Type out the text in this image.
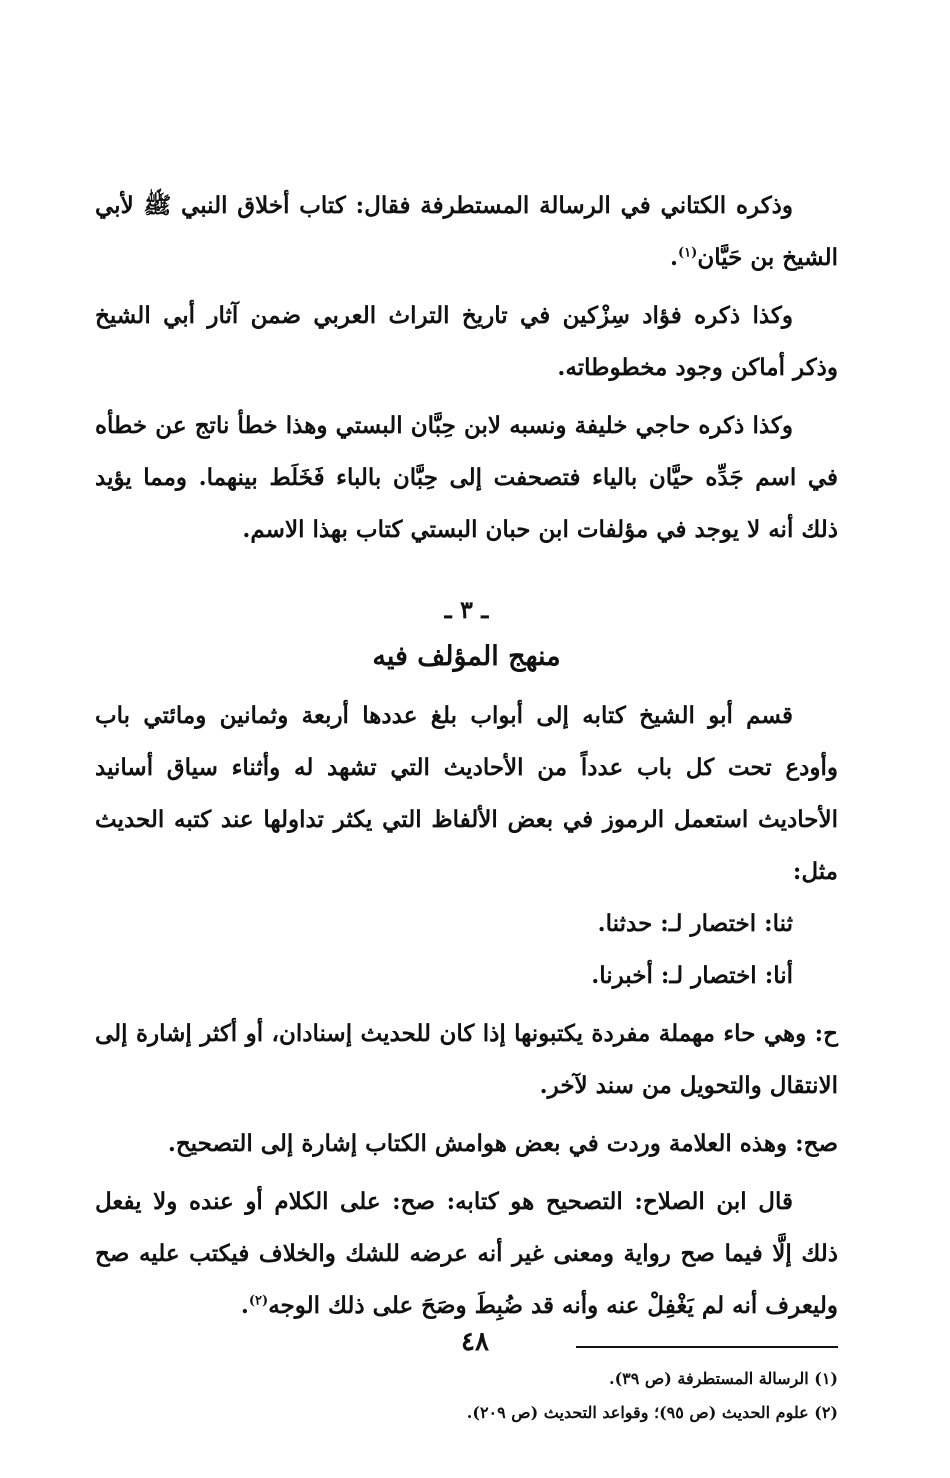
وذكره الكتاني في الرسالة المستطرفة فقال: كتاب أخلاق النبي ﷺ لأبي الشيخ بن حَيَّان$^{(١)}$.

وكذا ذكره فؤاد سِزْكين في تاريخ التراث العربي ضمن آثار أبي الشيخ وذكر أماكن وجود مخطوطاته.

وكذا ذكره حاجي خليفة ونسبه لابن حِبَّان البستي وهذا خطأ ناتج عن خطأه في اسم جَدِّه حيَّان بالياء فتصحفت إلى حِبَّان بالباء فَخَلَط بينهما. ومما يؤيد ذلك أنه لا يوجد في مؤلفات ابن حبان البستي كتاب بهذا الاسم.

ـ ٣ ـ
منهج المؤلف فيه

قسم أبو الشيخ كتابه إلى أبواب بلغ عددها أربعة وثمانين ومائتي باب وأودع تحت كل باب عدداً من الأحاديث التي تشهد له وأثناء سياق أسانيد الأحاديث استعمل الرموز في بعض الألفاظ التي يكثر تداولها عند كتبه الحديث مثل:

ثنا: اختصار لـ: حدثنا.

أنا: اختصار لـ: أخبرنا.

ح: وهي حاء مهملة مفردة يكتبونها إذا كان للحديث إسنادان، أو أكثر إشارة إلى الانتقال والتحويل من سند لآخر.

صح: وهذه العلامة وردت في بعض هوامش الكتاب إشارة إلى التصحيح.

قال ابن الصلاح: التصحيح هو كتابه: صح: على الكلام أو عنده ولا يفعل ذلك إلَّا فيما صح رواية ومعنى غير أنه عرضه للشك والخلاف فيكتب عليه صح وليعرف أنه لم يَغْفِلْ عنه وأنه قد ضُبِطَ وصَحَ على ذلك الوجه$^{(٢)}$.

(١) الرسالة المستطرفة (ص ٣٩).

(٢) علوم الحديث (ص ٩٥)؛ وقواعد التحديث (ص ٢٠٩).

٤٨
